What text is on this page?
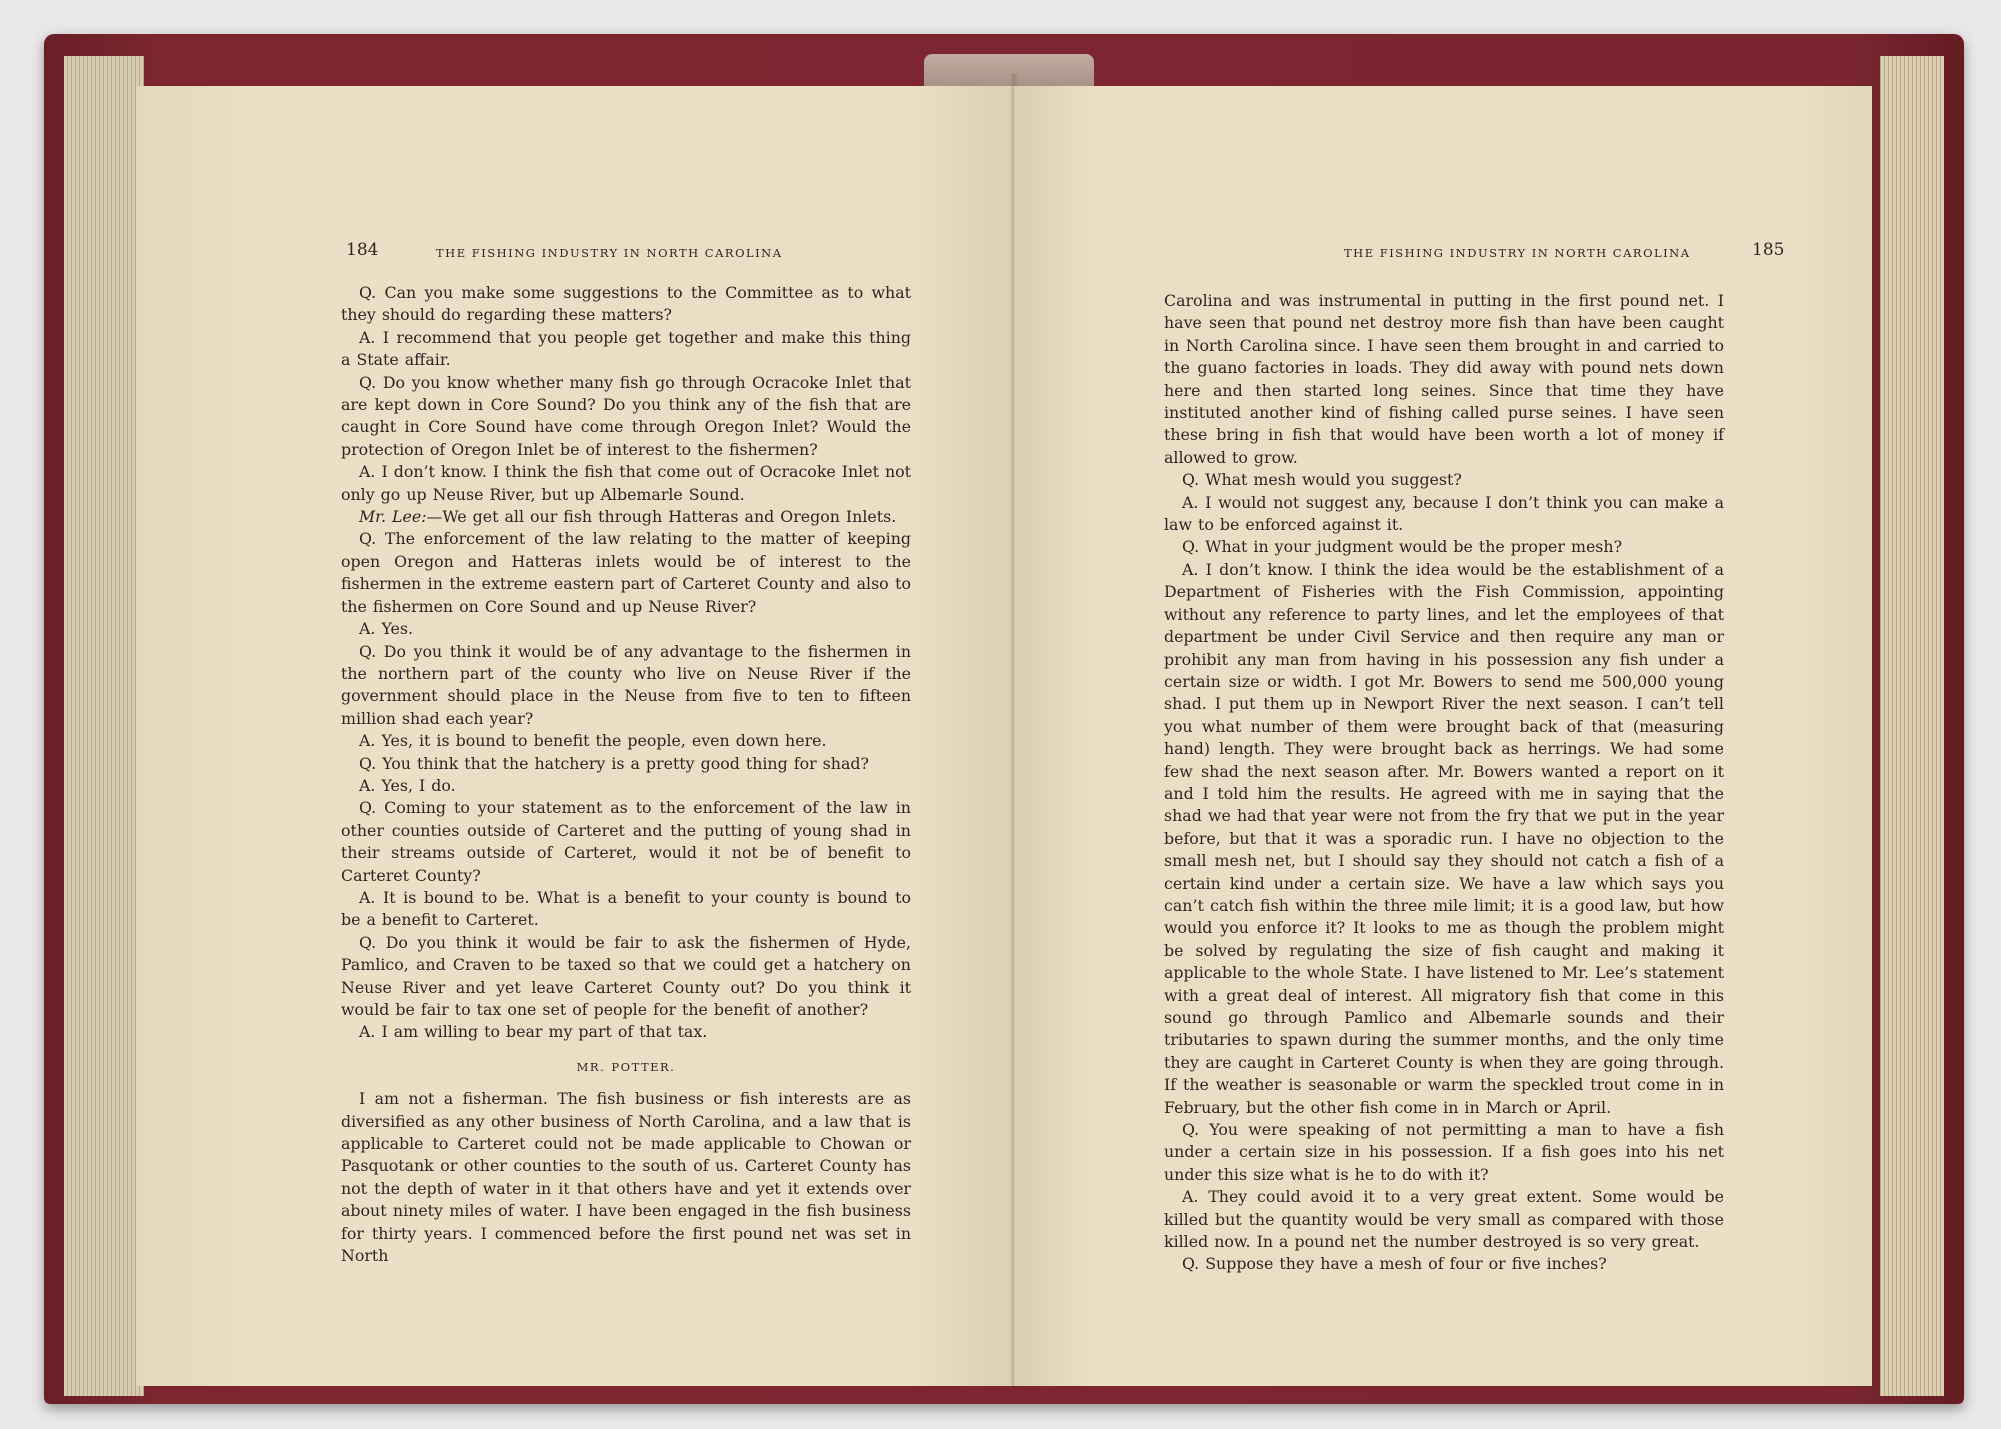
184	THE FISHING INDUSTRY IN NORTH CAROLINA

Q. Can you make some suggestions to the Committee as to what they should do regarding these matters?

A. I recommend that you people get together and make this thing a State affair.

Q. Do you know whether many fish go through Ocracoke Inlet that are kept down in Core Sound? Do you think any of the fish that are caught in Core Sound have come through Oregon Inlet? Would the protection of Oregon Inlet be of interest to the fishermen?

A. I don’t know. I think the fish that come out of Ocracoke Inlet not only go up Neuse River, but up Albemarle Sound.

Mr. Lee:—We get all our fish through Hatteras and Oregon Inlets.

Q. The enforcement of the law relating to the matter of keeping open Oregon and Hatteras inlets would be of interest to the fishermen in the extreme eastern part of Carteret County and also to the fishermen on Core Sound and up Neuse River?

A. Yes.

Q. Do you think it would be of any advantage to the fishermen in the northern part of the county who live on Neuse River if the government should place in the Neuse from five to ten to fifteen million shad each year?

A. Yes, it is bound to benefit the people, even down here.

Q. You think that the hatchery is a pretty good thing for shad?

A. Yes, I do.

Q. Coming to your statement as to the enforcement of the law in other counties outside of Carteret and the putting of young shad in their streams outside of Carteret, would it not be of benefit to Carteret County?

A. It is bound to be. What is a benefit to your county is bound to be a benefit to Carteret.

Q. Do you think it would be fair to ask the fishermen of Hyde, Pamlico, and Craven to be taxed so that we could get a hatchery on Neuse River and yet leave Carteret County out? Do you think it would be fair to tax one set of people for the benefit of another?

A. I am willing to bear my part of that tax.

MR. POTTER.

I am not a fisherman. The fish business or fish interests are as diversified as any other business of North Carolina, and a law that is applicable to Carteret could not be made applicable to Chowan or Pasquotank or other counties to the south of us. Carteret County has not the depth of water in it that others have and yet it extends over about ninety miles of water. I have been engaged in the fish business for thirty years. I commenced before the first pound net was set in North

THE FISHING INDUSTRY IN NORTH CAROLINA	185

Carolina and was instrumental in putting in the first pound net. I have seen that pound net destroy more fish than have been caught in North Carolina since. I have seen them brought in and carried to the guano factories in loads. They did away with pound nets down here and then started long seines. Since that time they have instituted another kind of fishing called purse seines. I have seen these bring in fish that would have been worth a lot of money if allowed to grow.

Q. What mesh would you suggest?

A. I would not suggest any, because I don’t think you can make a law to be enforced against it.

Q. What in your judgment would be the proper mesh?

A. I don’t know. I think the idea would be the establishment of a Department of Fisheries with the Fish Commission, appointing without any reference to party lines, and let the employees of that department be under Civil Service and then require any man or prohibit any man from having in his possession any fish under a certain size or width. I got Mr. Bowers to send me 500,000 young shad. I put them up in Newport River the next season. I can’t tell you what number of them were brought back of that (measuring hand) length. They were brought back as herrings. We had some few shad the next season after. Mr. Bowers wanted a report on it and I told him the results. He agreed with me in saying that the shad we had that year were not from the fry that we put in the year before, but that it was a sporadic run. I have no objection to the small mesh net, but I should say they should not catch a fish of a certain kind under a certain size. We have a law which says you can’t catch fish within the three mile limit; it is a good law, but how would you enforce it? It looks to me as though the problem might be solved by regulating the size of fish caught and making it applicable to the whole State. I have listened to Mr. Lee’s statement with a great deal of interest. All migratory fish that come in this sound go through Pamlico and Albemarle sounds and their tributaries to spawn during the summer months, and the only time they are caught in Carteret County is when they are going through. If the weather is seasonable or warm the speckled trout come in in February, but the other fish come in in March or April.

Q. You were speaking of not permitting a man to have a fish under a certain size in his possession. If a fish goes into his net under this size what is he to do with it?

A. They could avoid it to a very great extent. Some would be killed but the quantity would be very small as compared with those killed now. In a pound net the number destroyed is so very great.

Q. Suppose they have a mesh of four or five inches?
